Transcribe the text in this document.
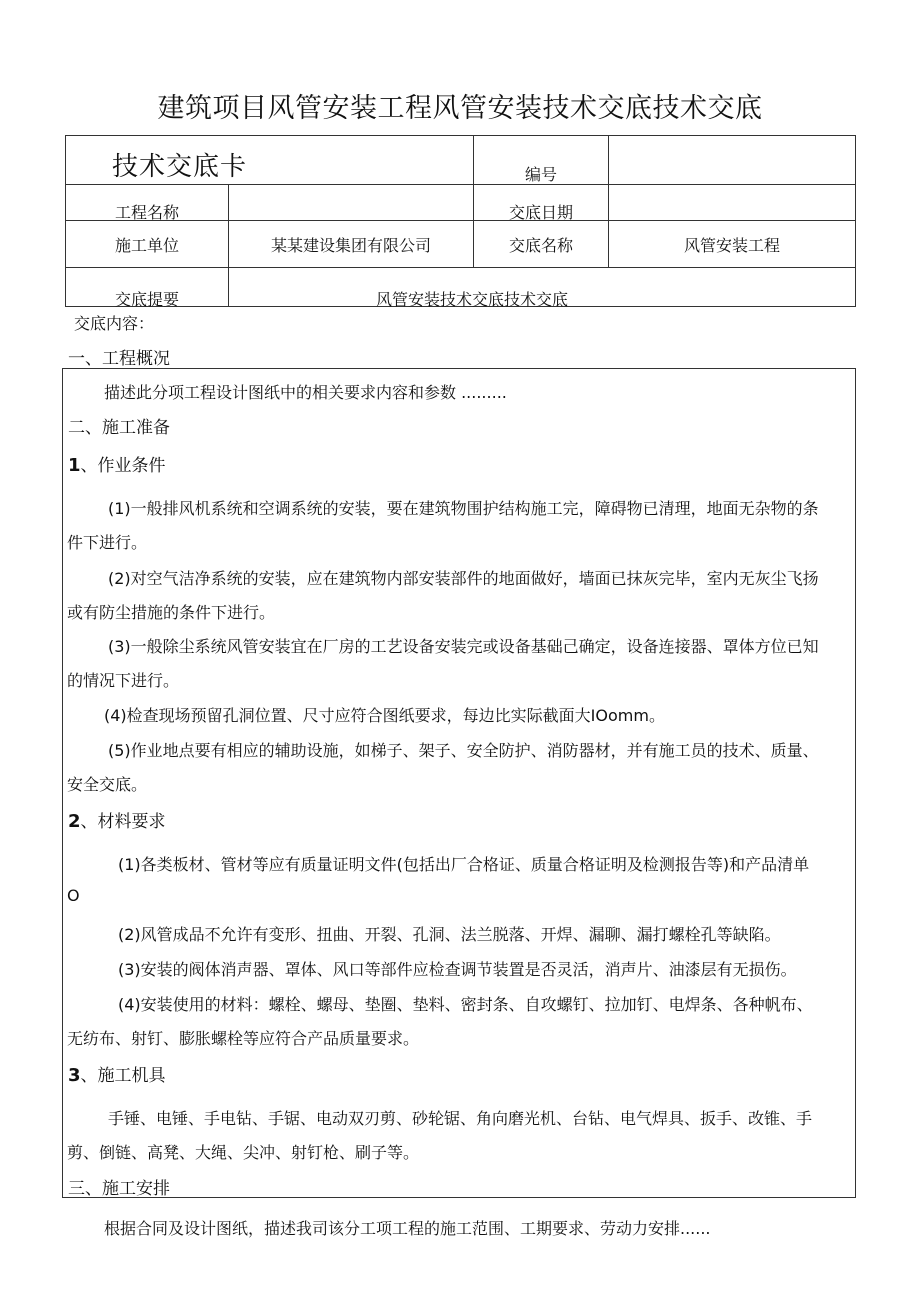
建筑项目风管安装工程风管安装技术交底技术交底
技术交底卡		编号	

工程名称		交底日期	

施工单位	某某建设集团有限公司	交底名称	风管安装工程

交底提要	风管安装技术交底技术交底		
交底内容：
一、工程概况
描述此分项工程设计图纸中的相关要求内容和参数 .........
二、施工准备
1、作业条件
(1)一般排风机系统和空调系统的安装，要在建筑物围护结构施工完，障碍物已清理，地面无杂物的条
件下进行。
(2)对空气洁净系统的安装，应在建筑物内部安装部件的地面做好，墙面已抹灰完毕，室内无灰尘飞扬
或有防尘措施的条件下进行。
(3)一般除尘系统风管安装宜在厂房的工艺设备安装完或设备基础己确定，设备连接器、罩体方位已知
的情况下进行。
(4)检查现场预留孔洞位置、尺寸应符合图纸要求，每边比实际截面大IOomm。
(5)作业地点要有相应的辅助设施，如梯子、架子、安全防护、消防器材，并有施工员的技术、质量、
安全交底。
2、材料要求
(1)各类板材、管材等应有质量证明文件(包括出厂合格证、质量合格证明及检测报告等)和产品清单
O
(2)风管成品不允许有变形、扭曲、开裂、孔洞、法兰脱落、开焊、漏聊、漏打螺栓孔等缺陷。
(3)安装的阀体消声器、罩体、风口等部件应检查调节装置是否灵活，消声片、油漆层有无损伤。
(4)安装使用的材料：螺栓、螺母、垫圈、垫料、密封条、自攻螺钉、拉加钉、电焊条、各种帆布、
无纺布、射钉、膨胀螺栓等应符合产品质量要求。
3、施工机具
手锤、电锤、手电钻、手锯、电动双刃剪、砂轮锯、角向磨光机、台钻、电气焊具、扳手、改锥、手
剪、倒链、高凳、大绳、尖冲、射钉枪、刷子等。
三、施工安排
根据合同及设计图纸，描述我司该分工项工程的施工范围、工期要求、劳动力安排......
